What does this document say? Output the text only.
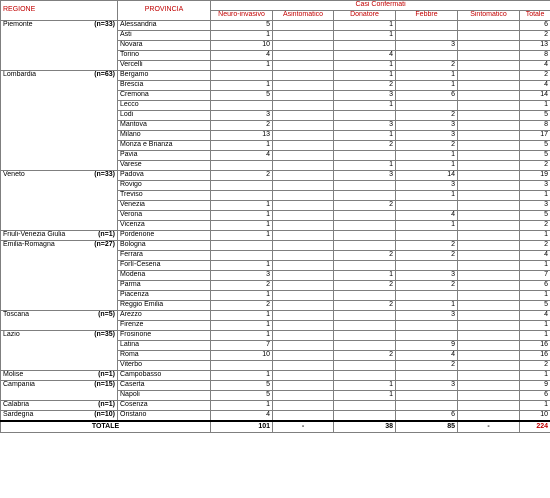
REGIONE	PROVINCIA	Casi Confermati					
		Neuro-invasivo	Asintomatico	Donatore	Febbre	Sintomatico	Totale

Piemonte (n=33)	Alessandria	5		1			6
	Asti	1		1			2
	Novara	10			3		13
	Torino	4		4			8
	Vercelli	1		1	2		4

Lombardia (n=63)	Bergamo			1	1		2
	Brescia	1		2	1		4
	Cremona	5		3	6		14
	Lecco			1			1
	Lodi	3			2		5
	Mantova	2		3	3		8
	Milano	13		1	3		17
	Monza e Brianza	1		2	2		5
	Pavia	4			1		5
	Varese			1	1		2

Veneto (n=33)	Padova	2		3	14		19
	Rovigo				3		3
	Treviso				1		1
	Venezia	1		2			3
	Verona	1			4		5
	Vicenza	1			1		2

Friuli-Venezia Giulia (n=1)	Pordenone	1					1

Emilia-Romagna (n=27)	Bologna				2		2
	Ferrara			2	2		4
	Forlì-Cesena	1					1
	Modena	3		1	3		7
	Parma	2		2	2		6
	Piacenza	1					1
	Reggio Emilia	2		2	1		5

Toscana (n=5)	Arezzo	1			3		4
	Firenze	1					1

Lazio (n=35)	Frosinone	1					1
	Latina	7			9		16
	Roma	10		2	4		16
	Viterbo				2		2

Molise (n=1)	Campobasso	1					1

Campania (n=15)	Caserta	5		1	3		9
	Napoli	5		1			6

Calabria (n=1)	Cosenza	1					1

Sardegna (n=10)	Oristano	4			6		10
TOTALE		101	-	38	85	-	224
